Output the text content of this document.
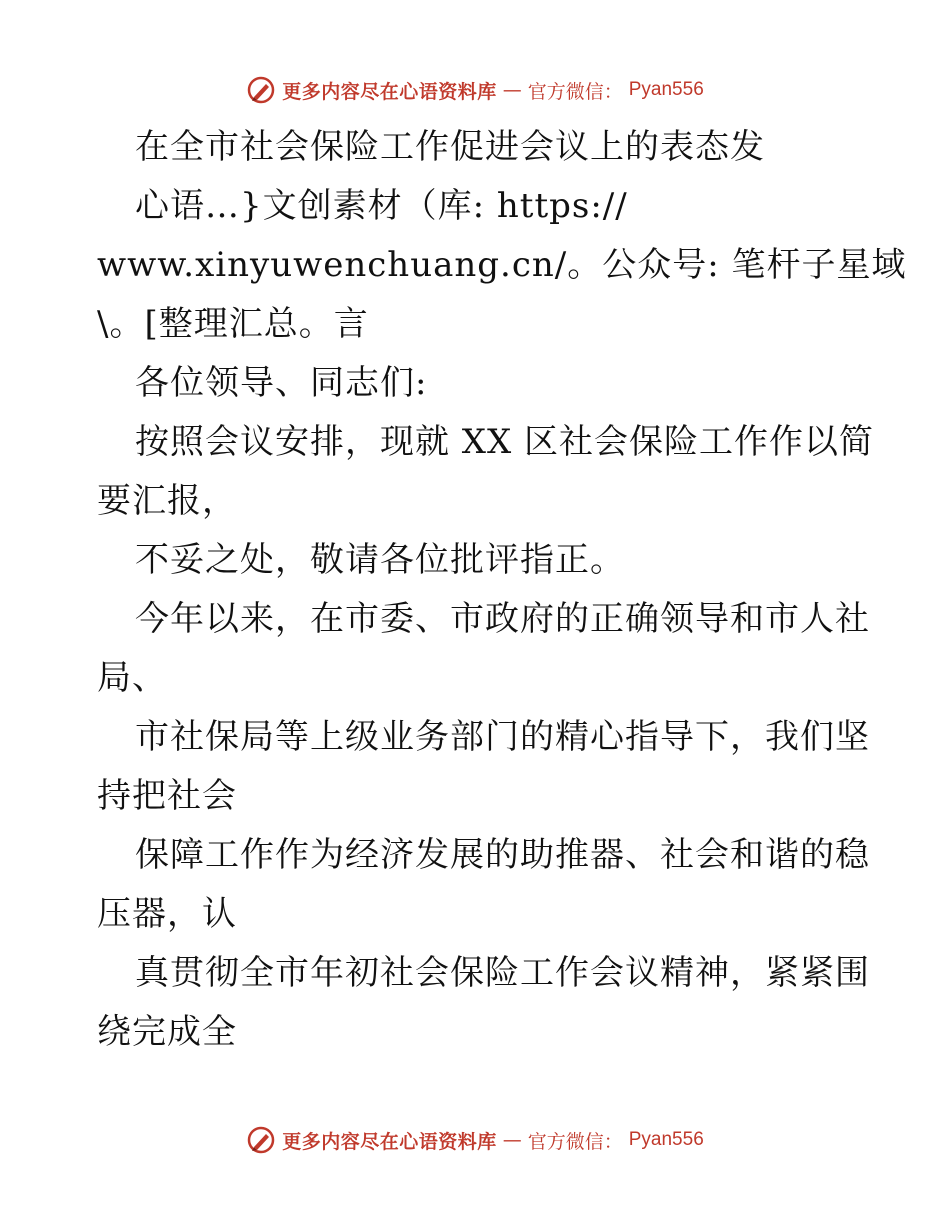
更多内容尽在心语资料库 — 官方微信： Pyan556
在全市社会保险工作促进会议上的表态发
心语…}文创素材（库: https://
www.xinyuwenchuang.cn/。公众号: 笔杆子星域
\。[整理汇总。言
各位领导、同志们:
按照会议安排，现就 XX 区社会保险工作作以简
要汇报，
不妥之处，敬请各位批评指正。
今年以来，在市委、市政府的正确领导和市人社
局、
市社保局等上级业务部门的精心指导下，我们坚
持把社会
保障工作作为经济发展的助推器、社会和谐的稳
压器，认
真贯彻全市年初社会保险工作会议精神，紧紧围
绕完成全
更多内容尽在心语资料库 — 官方微信： Pyan556
